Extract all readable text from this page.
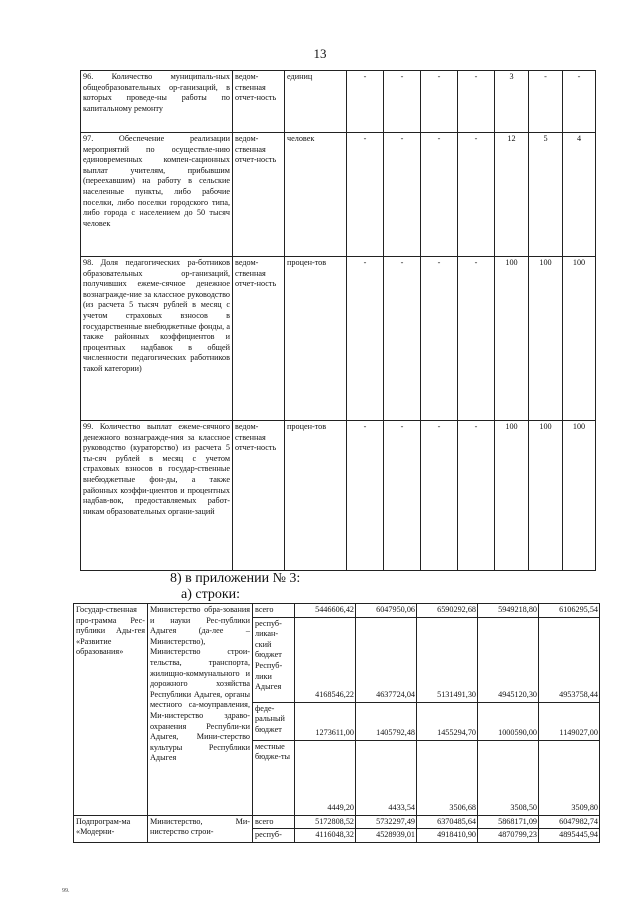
13
96. Количество муниципаль-ных общеобразовательных ор-ганизаций, в которых проведе-ны работы по капитальному ремонту	ведом-ственная отчет-ность	единиц	-	-	-	-	3	-	-
97. Обеспечение реализации мероприятий по осуществле-нию единовременных компен-сационных выплат учителям, прибывшим (переехавшим) на работу в сельские населенные пункты, либо рабочие поселки, либо поселки городского типа, либо города с населением до 50 тысяч человек	ведом-ственная отчет-ность	человек	-	-	-	-	12	5	4
98. Доля педагогических ра-ботников образовательных ор-ганизаций, получивших ежеме-сячное денежное вознагражде-ние за классное руководство (из расчета 5 тысяч рублей в месяц с учетом страховых взносов в государственные внебюджетные фонды, а также районных коэффициентов и процентных надбавок в общей численности педагогических работников такой категории)	ведом-ственная отчет-ность	процен-тов	-	-	-	-	100	100	100
99. Количество выплат ежеме-сячного денежного вознагражде-ния за классное руководство (кураторство) из расчета 5 ты-сяч рублей в месяц с учетом страховых взносов в государ-ственные внебюджетные фон-ды, а также районных коэффи-циентов и процентных надбав-вок, предоставляемых работ-никам образовательных органи-заций	ведом-ственная отчет-ность	процен-тов	-	-	-	-	100	100	100
8) в приложении № 3:
а) строки:
Государ-ственная про-грамма Рес-публики Ады-гея «Развитие образования»	Министерство обра-зования и науки Рес-публики Адыгея (да-лее – Министерство), Министерство строи-тельства, транспорта, жилищно-коммунального и дорожного хозяйства Республики Адыгея, органы местного са-моуправления, Ми-нистерство здраво-охранения Республи-ки Адыгея, Мини-стерство культуры Республики Адыгея	всего	5446606,42	6047950,06	6590292,68	5949218,80	6106295,54
		респуб-ликан-ский бюджет Респуб-лики Адыгея	4168546,22	4637724,04	5131491,30	4945120,30	4953758,44
		феде-ральный бюджет	1273611,00	1405792,48	1455294,70	1000590,00	1149027,00
		местные бюдже-ты	4449,20	4433,54	3506,68	3508,50	3509,80
Подпрограм-ма «Модерни-	Министерство, Ми-нистерство строи-	всего	5172808,52	5732297,49	6370485,64	5868171,09	6047982,74
		респуб-	4116048,32	4528939,01	4918410,90	4870799,23	4895445,94
99.
